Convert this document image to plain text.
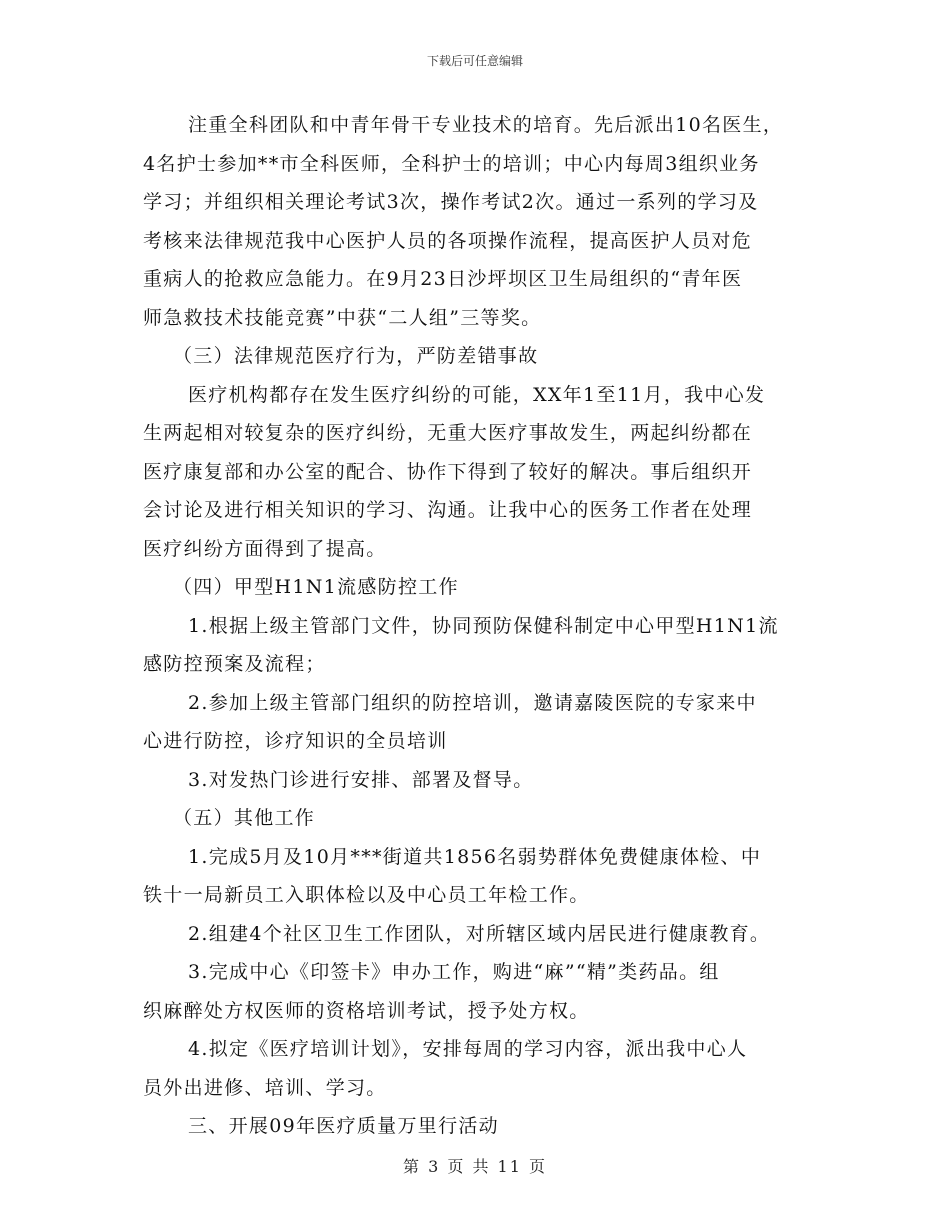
下载后可任意编辑
注重全科团队和中青年骨干专业技术的培育。先后派出10名医生，
4名护士参加**市全科医师，全科护士的培训；中心内每周3组织业务
学习；并组织相关理论考试3次，操作考试2次。通过一系列的学习及
考核来法律规范我中心医护人员的各项操作流程，提高医护人员对危
重病人的抢救应急能力。在9月23日沙坪坝区卫生局组织的“青年医
师急救技术技能竞赛”中获“二人组”三等奖。
（三）法律规范医疗行为，严防差错事故
医疗机构都存在发生医疗纠纷的可能，XX年1至11月，我中心发
生两起相对较复杂的医疗纠纷，无重大医疗事故发生，两起纠纷都在
医疗康复部和办公室的配合、协作下得到了较好的解决。事后组织开
会讨论及进行相关知识的学习、沟通。让我中心的医务工作者在处理
医疗纠纷方面得到了提高。
（四）甲型H1N1流感防控工作
1.根据上级主管部门文件，协同预防保健科制定中心甲型H1N1流
感防控预案及流程；
2.参加上级主管部门组织的防控培训，邀请嘉陵医院的专家来中
心进行防控，诊疗知识的全员培训
3.对发热门诊进行安排、部署及督导。
（五）其他工作
1.完成5月及10月***街道共1856名弱势群体免费健康体检、中
铁十一局新员工入职体检以及中心员工年检工作。
2.组建4个社区卫生工作团队，对所辖区域内居民进行健康教育。
3.完成中心《印签卡》申办工作，购进“麻”“精”类药品。组
织麻醉处方权医师的资格培训考试，授予处方权。
4.拟定《医疗培训计划》，安排每周的学习内容，派出我中心人
员外出进修、培训、学习。
三、开展09年医疗质量万里行活动
第 3 页 共 11 页
